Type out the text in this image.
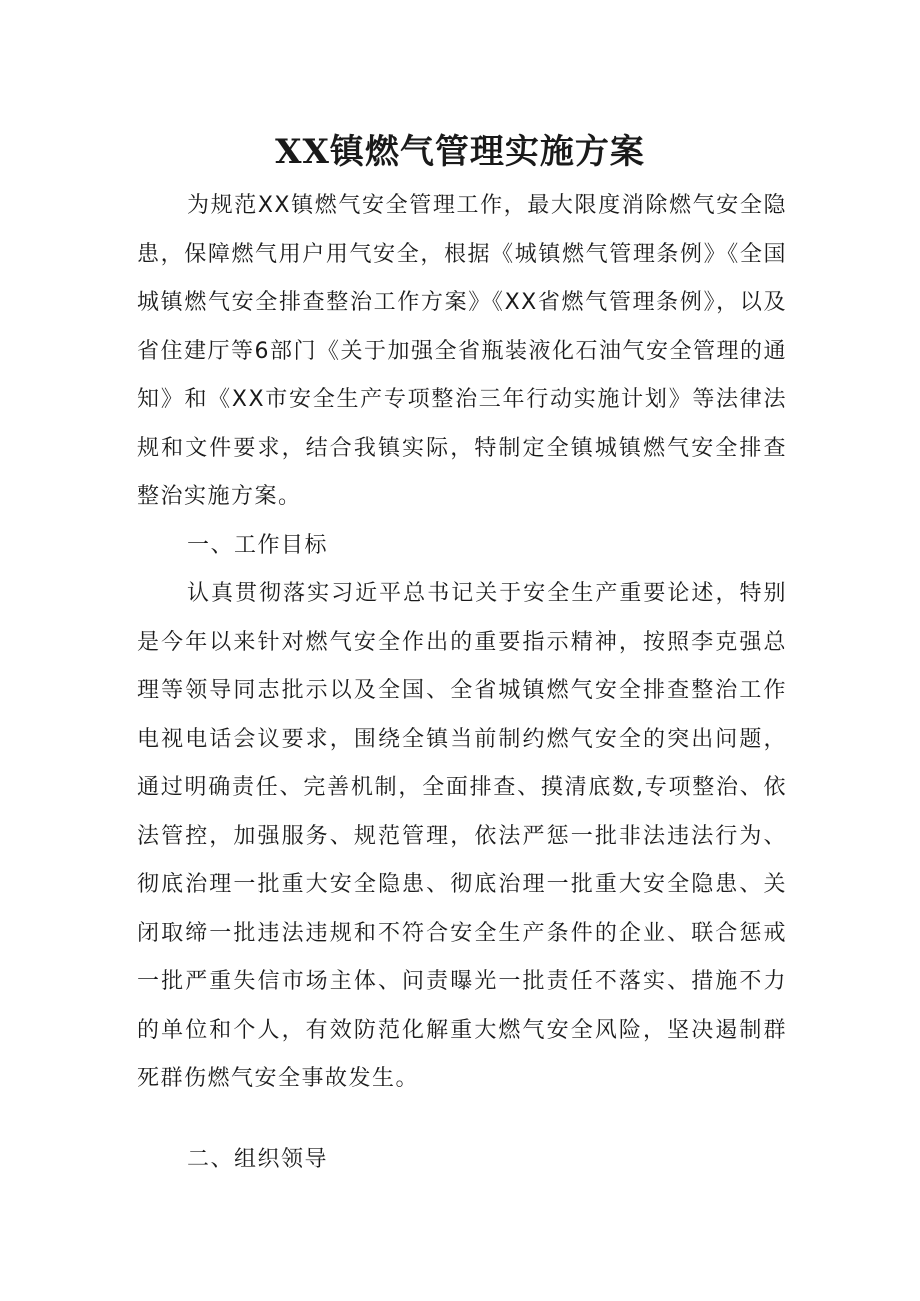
XX镇燃气管理实施方案

为规范XX镇燃气安全管理工作，最大限度消除燃气安全隐患，保障燃气用户用气安全，根据《城镇燃气管理条例》《全国城镇燃气安全排查整治工作方案》《XX省燃气管理条例》，以及省住建厅等6部门《关于加强全省瓶装液化石油气安全管理的通知》和《XX市安全生产专项整治三年行动实施计划》等法律法规和文件要求，结合我镇实际，特制定全镇城镇燃气安全排查整治实施方案。

一、工作目标

认真贯彻落实习近平总书记关于安全生产重要论述，特别是今年以来针对燃气安全作出的重要指示精神，按照李克强总理等领导同志批示以及全国、全省城镇燃气安全排查整治工作电视电话会议要求，围绕全镇当前制约燃气安全的突出问题，通过明确责任、完善机制，全面排查、摸清底数,专项整治、依法管控，加强服务、规范管理，依法严惩一批非法违法行为、彻底治理一批重大安全隐患、彻底治理一批重大安全隐患、关闭取缔一批违法违规和不符合安全生产条件的企业、联合惩戒一批严重失信市场主体、问责曝光一批责任不落实、措施不力的单位和个人，有效防范化解重大燃气安全风险，坚决遏制群死群伤燃气安全事故发生。

二、组织领导
